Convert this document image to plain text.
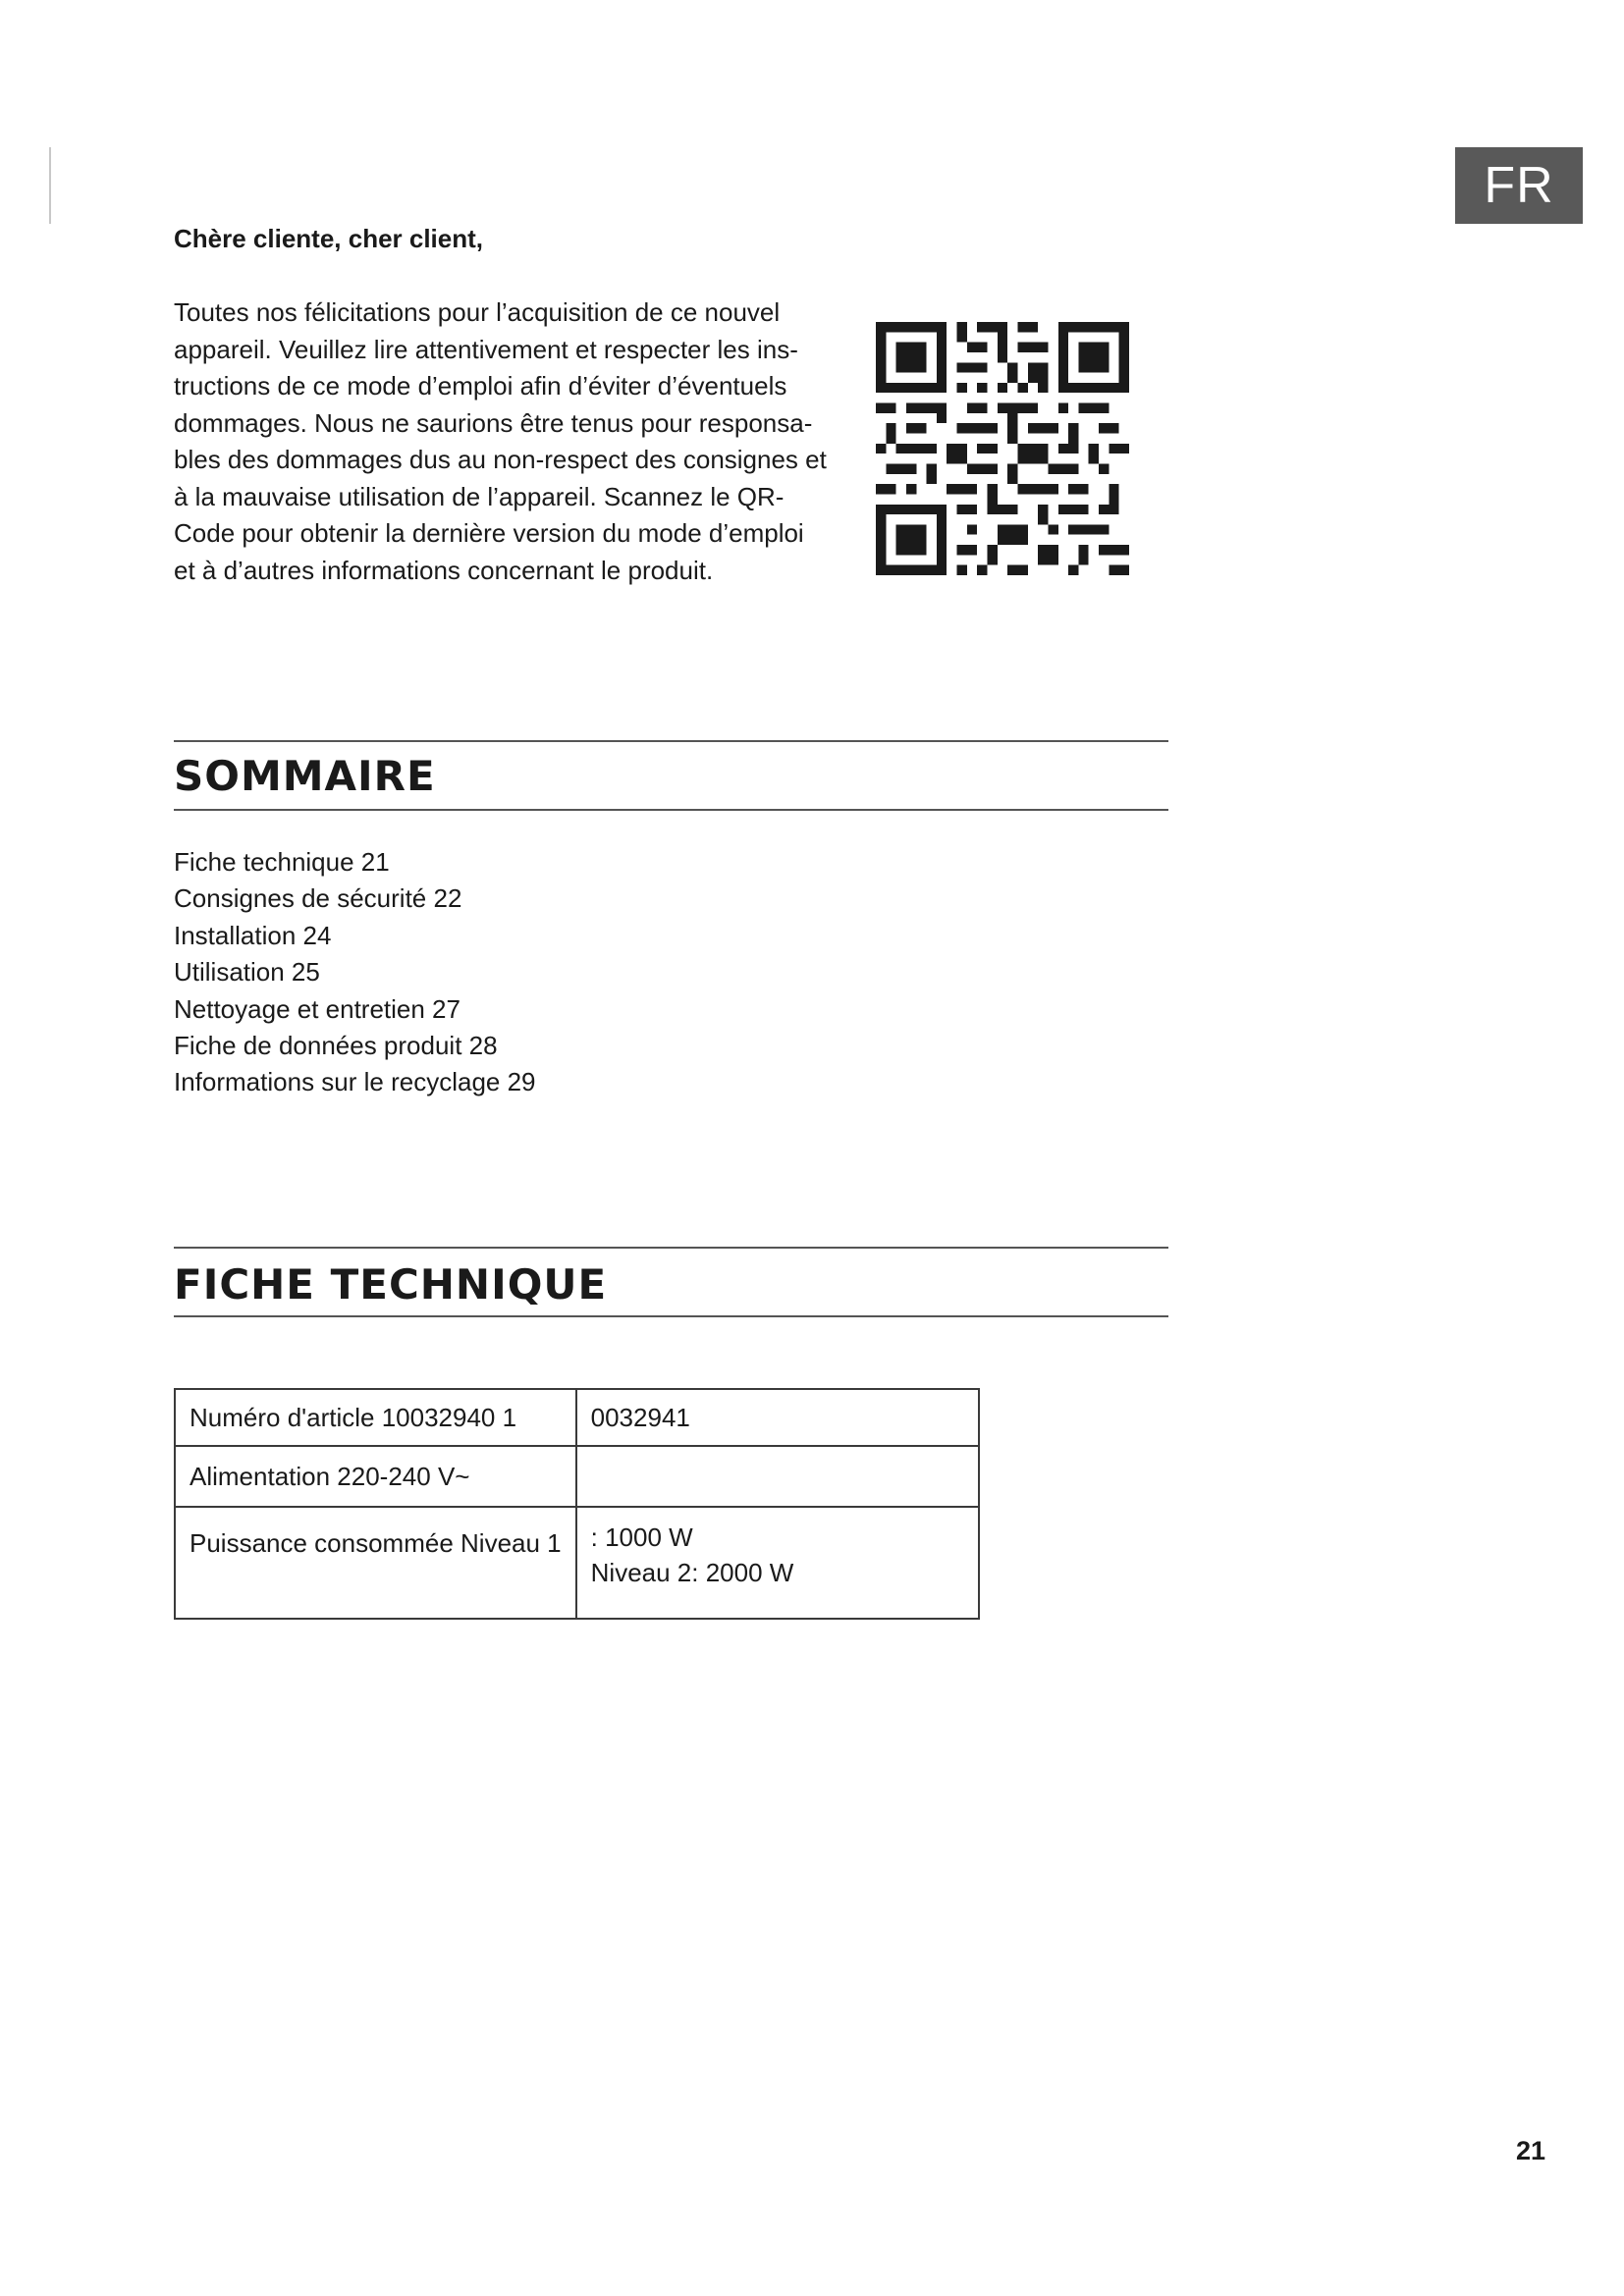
FR
Chère cliente, cher client,

Toutes nos félicitations pour l’acquisition de ce nouvel
appareil. Veuillez lire attentivement et respecter les ins-
tructions de ce mode d’emploi afin d’éviter d’éventuels
dommages. Nous ne saurions être tenus pour responsa-
bles des dommages dus au non-respect des consignes et
à la mauvaise utilisation de l’appareil. Scannez le QR-
Code pour obtenir la dernière version du mode d’emploi
et à d’autres informations concernant le produit.

SOMMAIRE
Fiche technique 21
Consignes de sécurité 22
Installation 24
Utilisation 25
Nettoyage et entretien 27
Fiche de données produit 28
Informations sur le recyclage 29
FICHE TECHNIQUE
Numéro d'article 10032940 1	0032941
Alimentation 220-240 V~	
Puissance consommée Niveau 1	: 1000 W
Niveau 2: 2000 W
21
